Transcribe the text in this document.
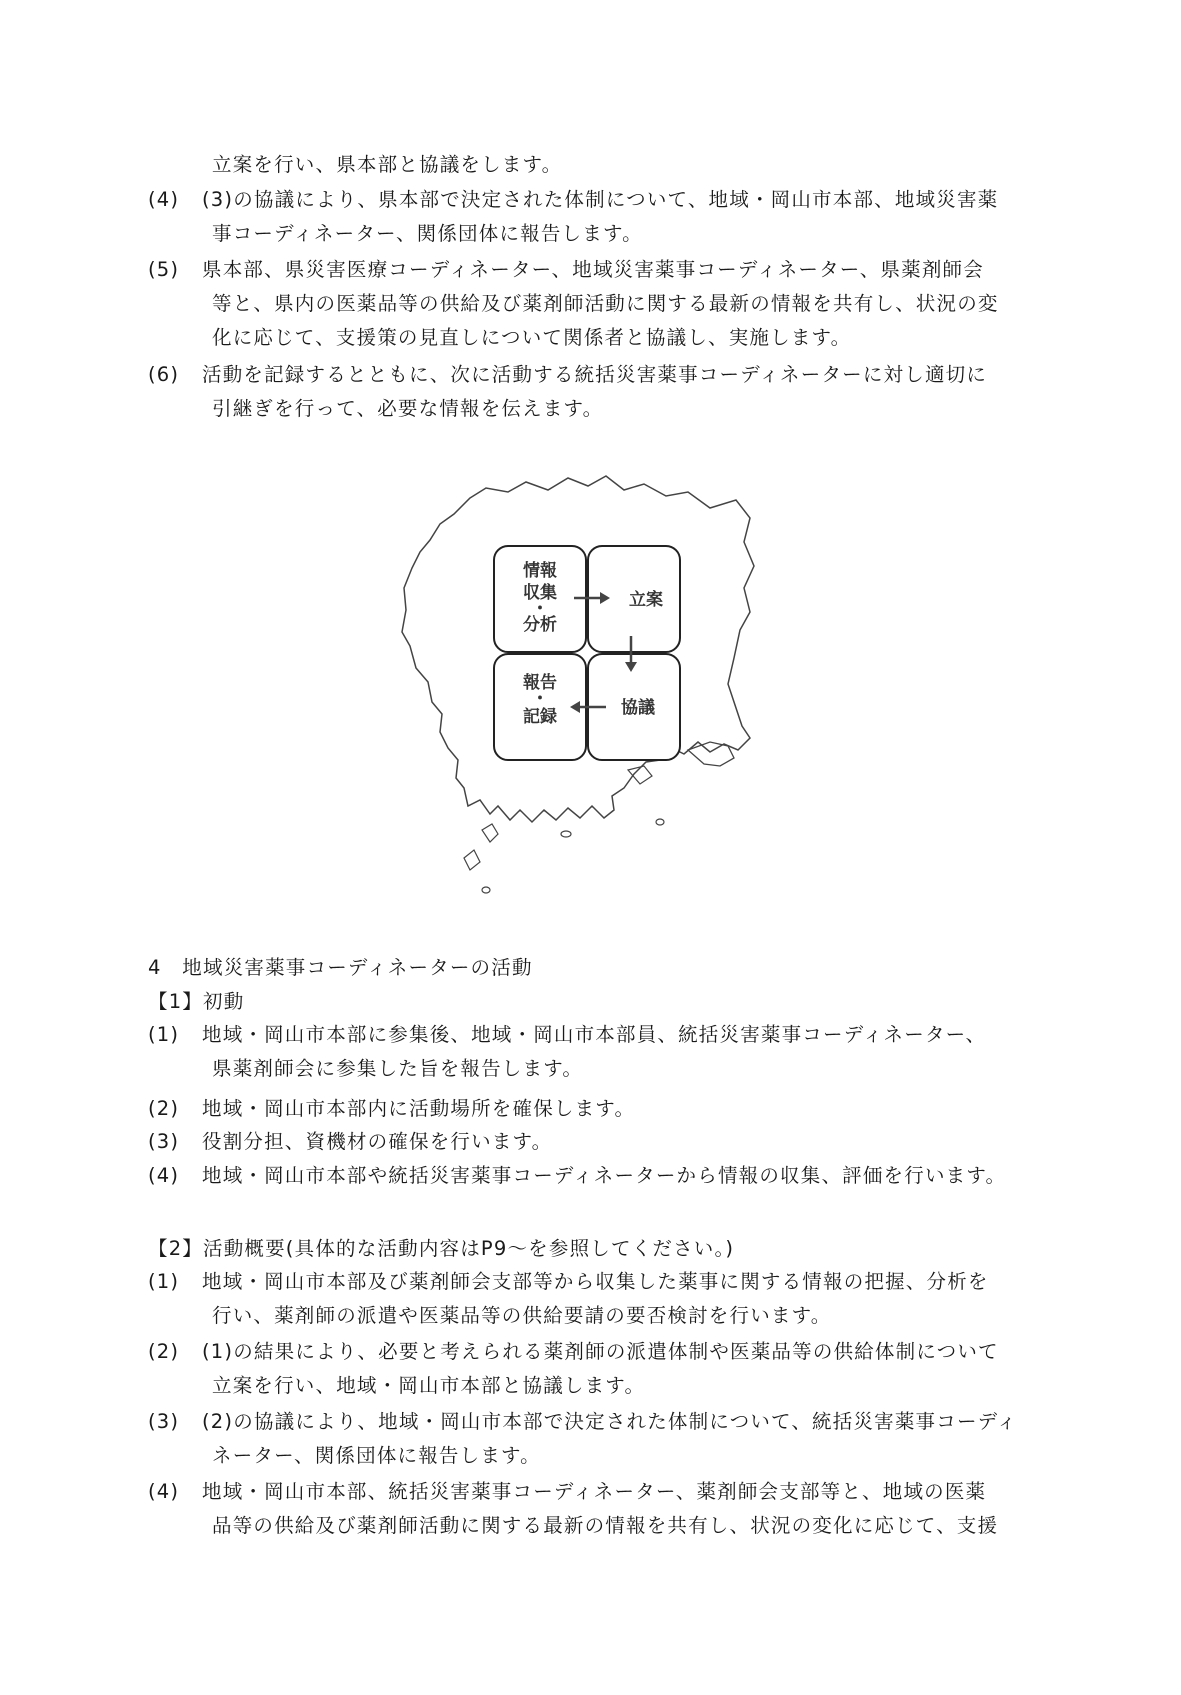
立案を行い、県本部と協議をします。
(4) (3)の協議により、県本部で決定された体制について、地域・岡山市本部、地域災害薬
事コーディネーター、関係団体に報告します。
(5) 県本部、県災害医療コーディネーター、地域災害薬事コーディネーター、県薬剤師会
等と、県内の医薬品等の供給及び薬剤師活動に関する最新の情報を共有し、状況の変
化に応じて、支援策の見直しについて関係者と協議し、実施します。
(6) 活動を記録するとともに、次に活動する統括災害薬事コーディネーターに対し適切に
引継ぎを行って、必要な情報を伝えます。
情報
収集
・
分析
立案
協議
報告
・
記録
4　地域災害薬事コーディネーターの活動
【1】初動
(1) 地域・岡山市本部に参集後、地域・岡山市本部員、統括災害薬事コーディネーター、
県薬剤師会に参集した旨を報告します。
(2) 地域・岡山市本部内に活動場所を確保します。
(3) 役割分担、資機材の確保を行います。
(4) 地域・岡山市本部や統括災害薬事コーディネーターから情報の収集、評価を行います。
【2】活動概要(具体的な活動内容はP9～を参照してください。)
(1) 地域・岡山市本部及び薬剤師会支部等から収集した薬事に関する情報の把握、分析を
行い、薬剤師の派遣や医薬品等の供給要請の要否検討を行います。
(2) (1)の結果により、必要と考えられる薬剤師の派遣体制や医薬品等の供給体制について
立案を行い、地域・岡山市本部と協議します。
(3) (2)の協議により、地域・岡山市本部で決定された体制について、統括災害薬事コーディ
ネーター、関係団体に報告します。
(4) 地域・岡山市本部、統括災害薬事コーディネーター、薬剤師会支部等と、地域の医薬
品等の供給及び薬剤師活動に関する最新の情報を共有し、状況の変化に応じて、支援
